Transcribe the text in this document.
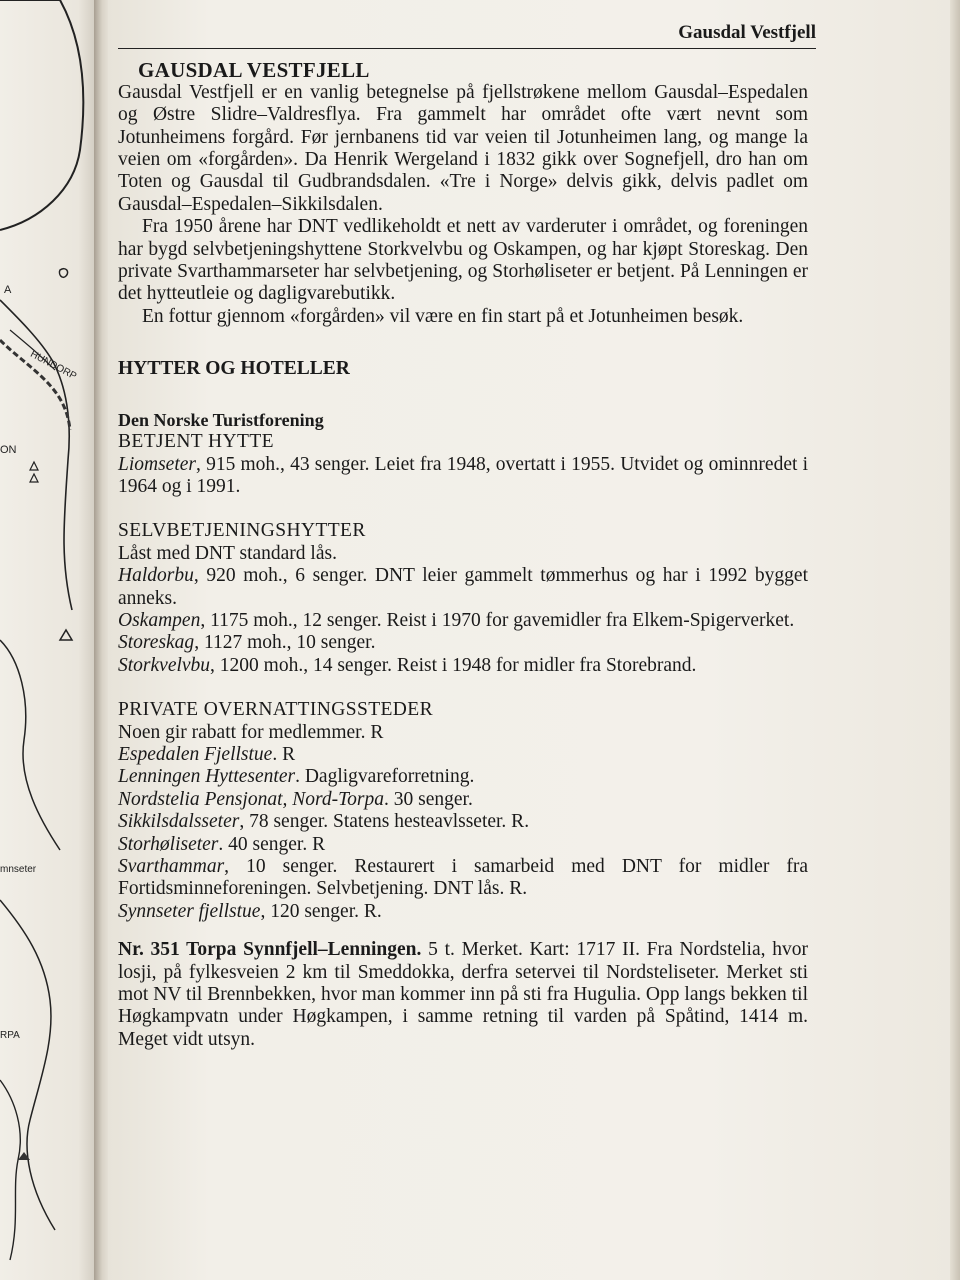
A
HUNDORP
ON
mnseter
RPA
Gausdal Vestfjell
GAUSDAL VESTFJELL

Gausdal Vestfjell er en vanlig betegnelse på fjellstrøkene mellom Gausdal–Espedalen og Østre Slidre–Valdresflya. Fra gammelt har området ofte vært nevnt som Jotunheimens forgård. Før jernbanens tid var veien til Jotunheimen lang, og mange la veien om «forgården». Da Henrik Wergeland i 1832 gikk over Sognefjell, dro han om Toten og Gausdal til Gudbrandsdalen. «Tre i Norge» delvis gikk, delvis padlet om Gausdal–Espedalen–Sikkilsdalen.

Fra 1950 årene har DNT vedlikeholdt et nett av varderuter i området, og foreningen har bygd selvbetjeningshyttene Storkvelvbu og Oskampen, og har kjøpt Storeskag. Den private Svarthammarseter har selvbetjening, og Storhøliseter er betjent. På Lenningen er det hytteutleie og dagligvarebutikk.

En fottur gjennom «forgården» vil være en fin start på et Jotunheimen besøk.

HYTTER OG HOTELLER
Den Norske Turistforening
BETJENT HYTTE

Liomseter, 915 moh., 43 senger. Leiet fra 1948, overtatt i 1955. Utvidet og ominnredet i 1964 og i 1991.

SELVBETJENINGSHYTTER

Låst med DNT standard lås.

Haldorbu, 920 moh., 6 senger. DNT leier gammelt tømmerhus og har i 1992 bygget anneks.

Oskampen, 1175 moh., 12 senger. Reist i 1970 for gavemidler fra Elkem-Spigerverket.

Storeskag, 1127 moh., 10 senger.

Storkvelvbu, 1200 moh., 14 senger. Reist i 1948 for midler fra Storebrand.

PRIVATE OVERNATTINGSSTEDER

Noen gir rabatt for medlemmer. R

Espedalen Fjellstue. R

Lenningen Hyttesenter. Dagligvareforretning.

Nordstelia Pensjonat, Nord-Torpa. 30 senger.

Sikkilsdalsseter, 78 senger. Statens hesteavlsseter. R.

Storhøliseter. 40 senger. R

Svarthammar, 10 senger. Restaurert i samarbeid med DNT for midler fra Fortidsminneforeningen. Selvbetjening. DNT lås. R.

Synnseter fjellstue, 120 senger. R.

Nr. 351 Torpa Synnfjell–Lenningen. 5 t. Merket. Kart: 1717 II. Fra Nordstelia, hvor losji, på fylkesveien 2 km til Smeddokka, derfra setervei til Nordsteliseter. Merket sti mot NV til Brennbekken, hvor man kommer inn på sti fra Hugulia. Opp langs bekken til Høgkampvatn under Høgkampen, i samme retning til varden på Spåtind, 1414 m. Meget vidt utsyn.
